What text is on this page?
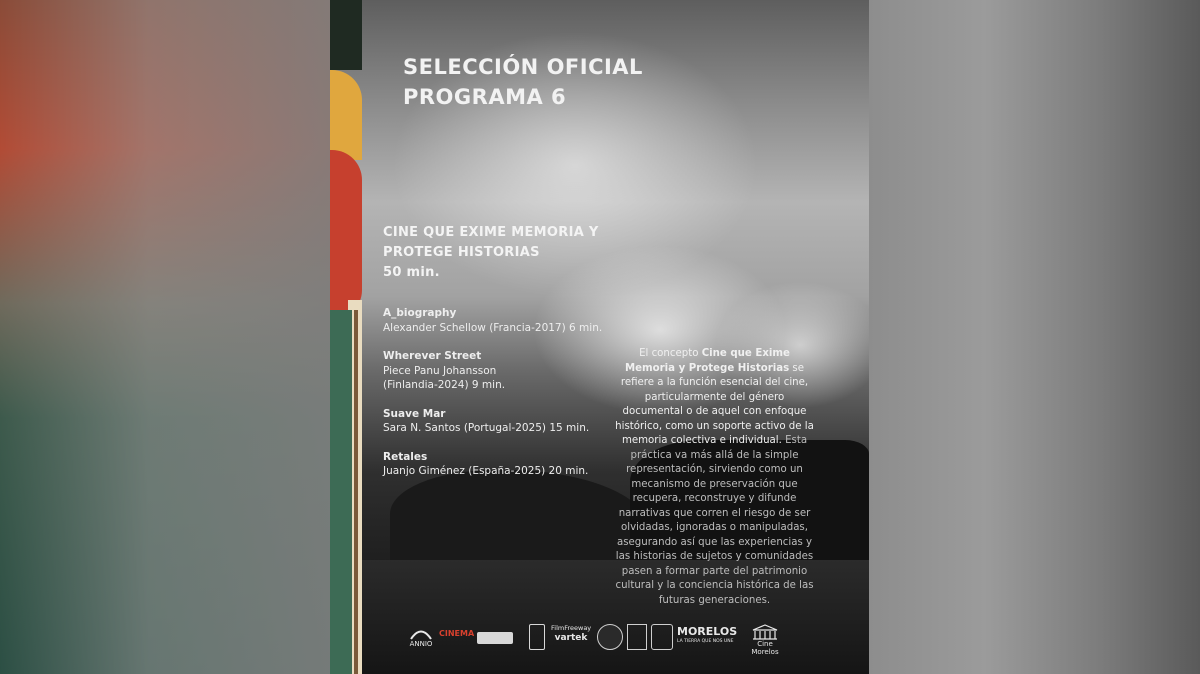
SELECCIÓN OFICIAL
PROGRAMA 6
CINE QUE EXIME MEMORIA Y
PROTEGE HISTORIAS
50 min.
A_biography
Alexander Schellow (Francia-2017) 6 min.
Wherever Street
Piece Panu Johansson (Finlandia-2024) 9 min.
Suave Mar
Sara N. Santos (Portugal-2025) 15 min.
Retales
Juanjo Giménez (España-2025) 20 min.
El concepto Cine que Exime Memoria y Protege Historias se refiere a la función esencial del cine, particularmente del género documental o de aquel con enfoque histórico, como un soporte activo de la memoria colectiva e individual. Esta práctica va más allá de la simple representación, sirviendo como un mecanismo de preservación que recupera, reconstruye y difunde narrativas que corren el riesgo de ser olvidadas, ignoradas o manipuladas, asegurando así que las experiencias y las historias de sujetos y comunidades pasen a formar parte del patrimonio cultural y la conciencia histórica de las futuras generaciones.
ANNIO
CINEMA
FilmFreeway
vartek	MORELOS
LA TIERRA QUE NOS UNE	Cine Morelos
